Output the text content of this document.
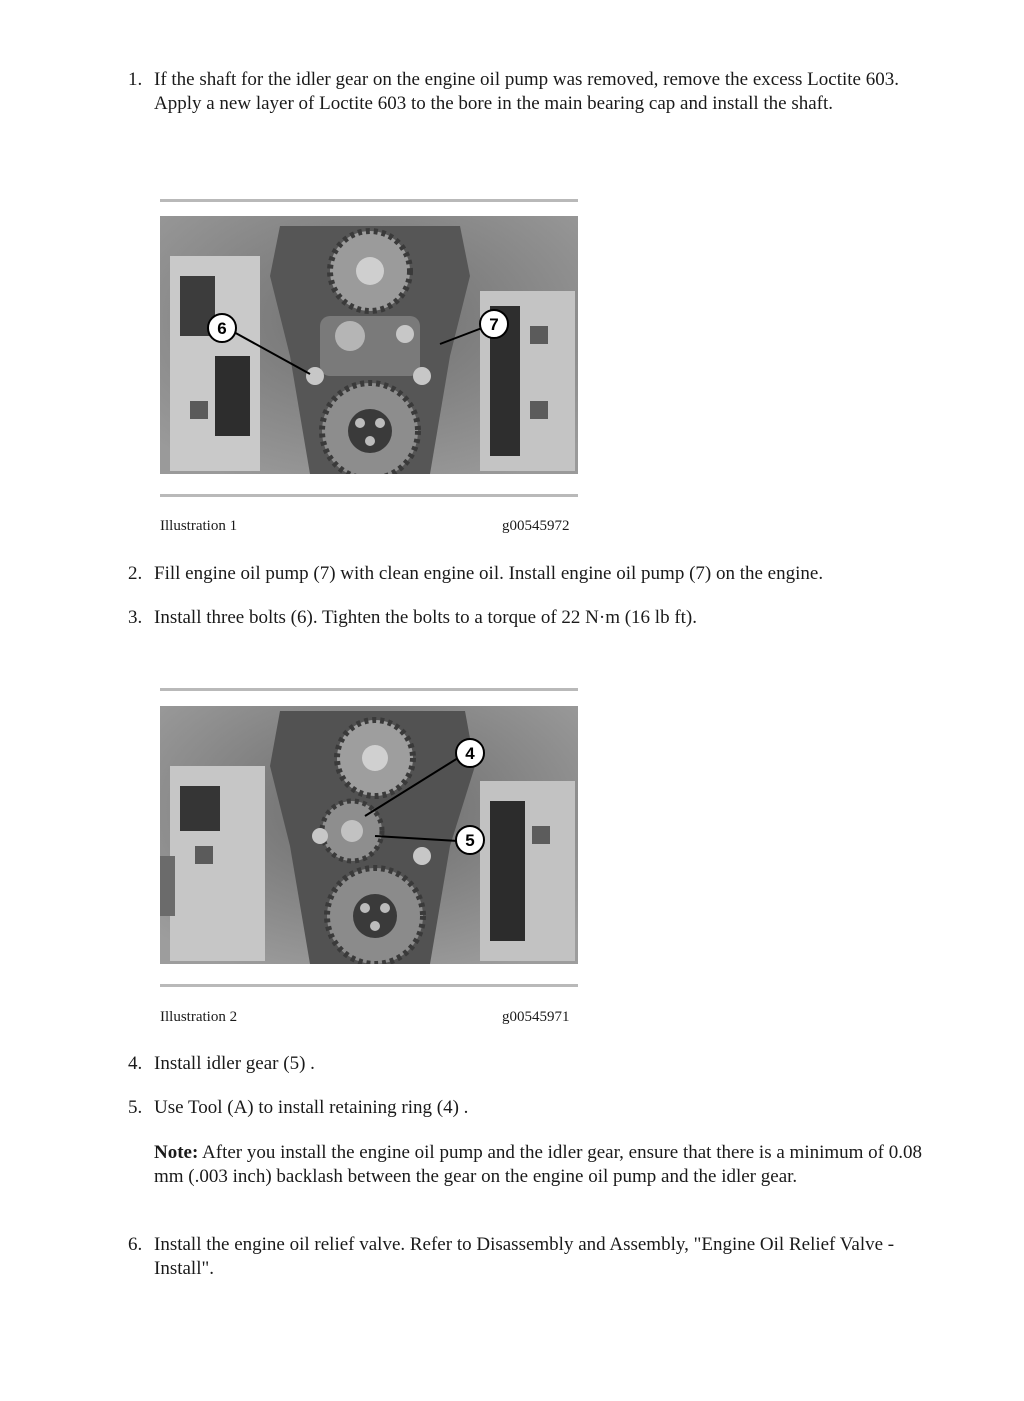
1. If the shaft for the idler gear on the engine oil pump was removed, remove the excess Loctite 603. Apply a new layer of Loctite 603 to the bore in the main bearing cap and install the shaft.
6	7
Illustration 1	g00545972
2. Fill engine oil pump (7) with clean engine oil. Install engine oil pump (7) on the engine.
3. Install three bolts (6). Tighten the bolts to a torque of 22 N·m (16 lb ft).
4
5
Illustration 2	g00545971
4. Install idler gear (5) .
5. Use Tool (A) to install retaining ring (4) .
Note: After you install the engine oil pump and the idler gear, ensure that there is a minimum of 0.08 mm (.003 inch) backlash between the gear on the engine oil pump and the idler gear.
6. Install the engine oil relief valve. Refer to Disassembly and Assembly, "Engine Oil Relief Valve - Install".
